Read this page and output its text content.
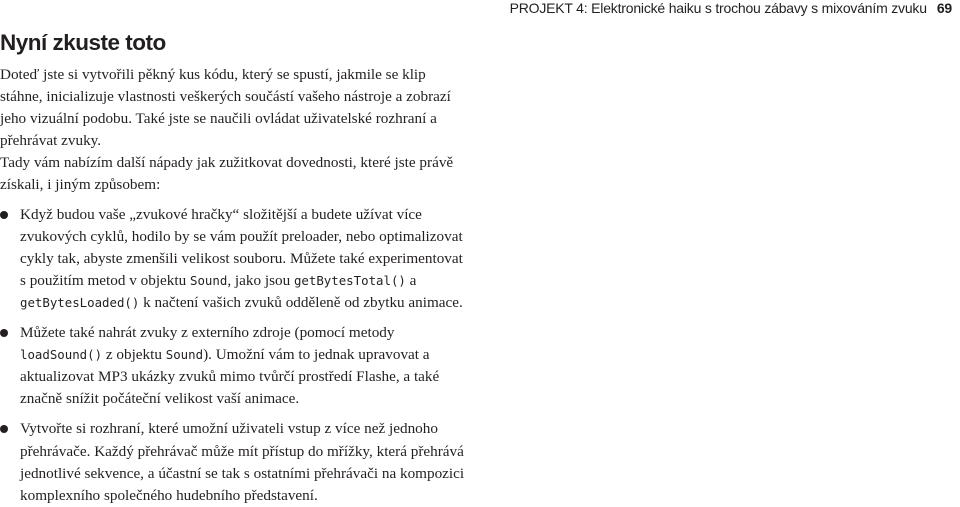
PROJEKT 4: Elektronické haiku s trochou zábavy s mixováním zvuku 69
Nyní zkuste toto

Doteď jste si vytvořili pěkný kus kódu, který se spustí, jakmile se klip stáhne, inicializuje vlastnosti veškerých součástí vašeho nástroje a zobrazí jeho vizuální podobu. Také jste se naučili ovládat uživatelské rozhraní a přehrávat zvuky.

Tady vám nabízím další nápady jak zužitkovat dovednosti, které jste právě získali, i jiným způsobem:

Když budou vaše „zvukové hračky“ složitější a budete užívat více zvukových cyklů, hodilo by se vám použít preloader, nebo optimalizovat cykly tak, abyste zmenšili velikost souboru. Můžete také experimentovat s použitím metod v objektu Sound, jako jsou getBytesTotal() a getBytesLoaded() k načtení vašich zvuků odděleně od zbytku animace.
Můžete také nahrát zvuky z externího zdroje (pomocí metody loadSound() z objektu Sound). Umožní vám to jednak upravovat a aktualizovat MP3 ukázky zvuků mimo tvůrčí prostředí Flashe, a také značně snížit počáteční velikost vaší animace.
Vytvořte si rozhraní, které umožní uživateli vstup z více než jednoho přehrávače. Každý přehrávač může mít přístup do mřížky, která přehrává jednotlivé sekvence, a účastní se tak s ostatními přehrávači na kompozici komplexního společného hudebního představení.
